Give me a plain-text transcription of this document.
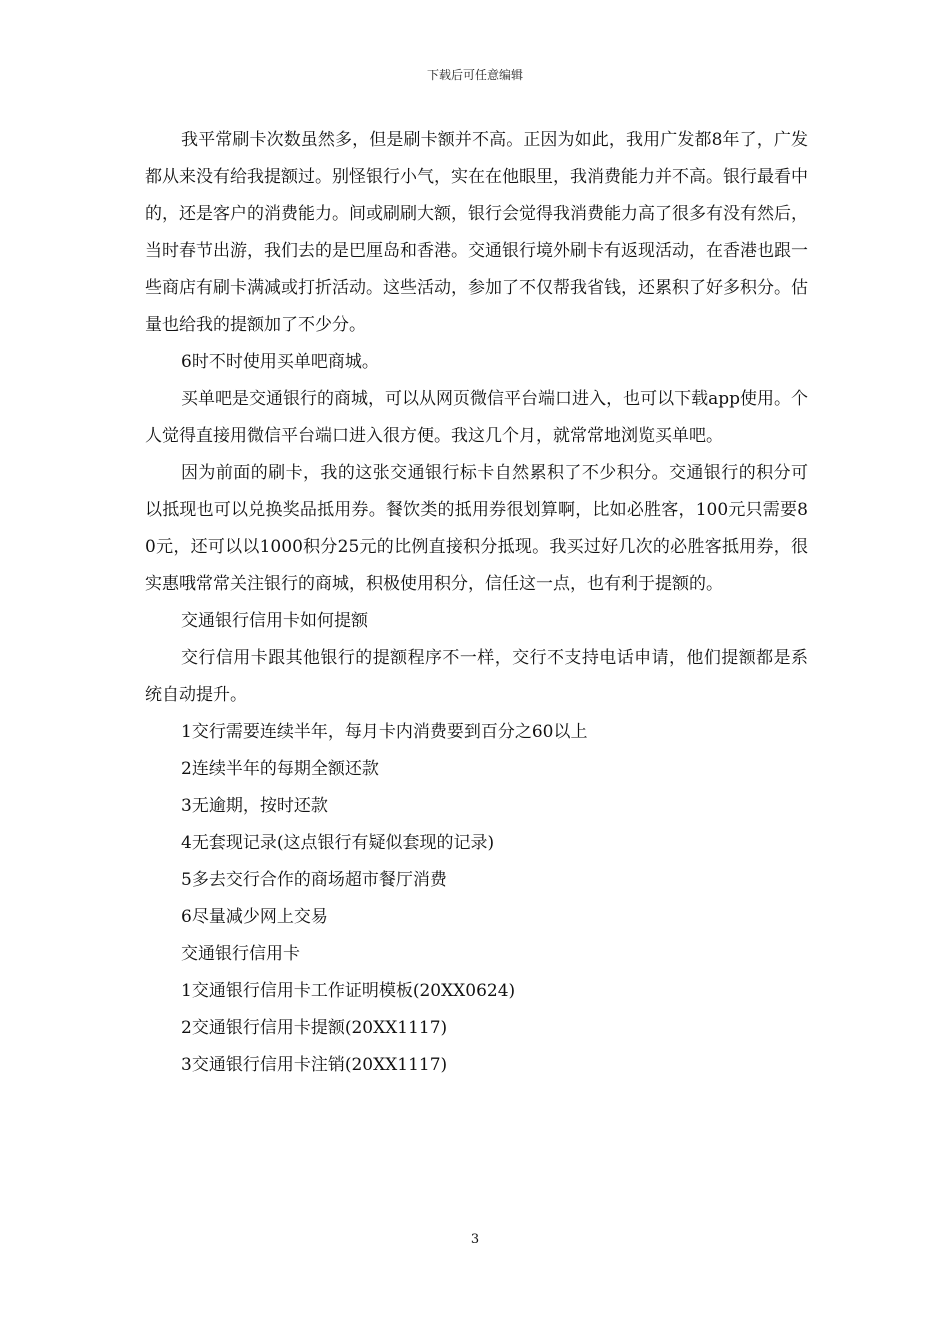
下载后可任意编辑

我平常刷卡次数虽然多，但是刷卡额并不高。正因为如此，我用广发都8年了，广发都从来没有给我提额过。别怪银行小气，实在在他眼里，我消费能力并不高。银行最看中的，还是客户的消费能力。间或刷刷大额，银行会觉得我消费能力高了很多有没有然后，当时春节出游，我们去的是巴厘岛和香港。交通银行境外刷卡有返现活动，在香港也跟一些商店有刷卡满减或打折活动。这些活动，参加了不仅帮我省钱，还累积了好多积分。估量也给我的提额加了不少分。

6时不时使用买单吧商城。

买单吧是交通银行的商城，可以从网页微信平台端口进入，也可以下载app使用。个人觉得直接用微信平台端口进入很方便。我这几个月，就常常地浏览买单吧。

因为前面的刷卡，我的这张交通银行标卡自然累积了不少积分。交通银行的积分可以抵现也可以兑换奖品抵用券。餐饮类的抵用券很划算啊，比如必胜客，100元只需要80元，还可以以1000积分25元的比例直接积分抵现。我买过好几次的必胜客抵用券，很实惠哦常常关注银行的商城，积极使用积分，信任这一点，也有利于提额的。

交通银行信用卡如何提额

交行信用卡跟其他银行的提额程序不一样，交行不支持电话申请，他们提额都是系统自动提升。

1交行需要连续半年，每月卡内消费要到百分之60以上

2连续半年的每期全额还款

3无逾期，按时还款

4无套现记录(这点银行有疑似套现的记录)

5多去交行合作的商场超市餐厅消费

6尽量减少网上交易

交通银行信用卡

1交通银行信用卡工作证明模板(20XX0624)

2交通银行信用卡提额(20XX1117)

3交通银行信用卡注销(20XX1117)

3
